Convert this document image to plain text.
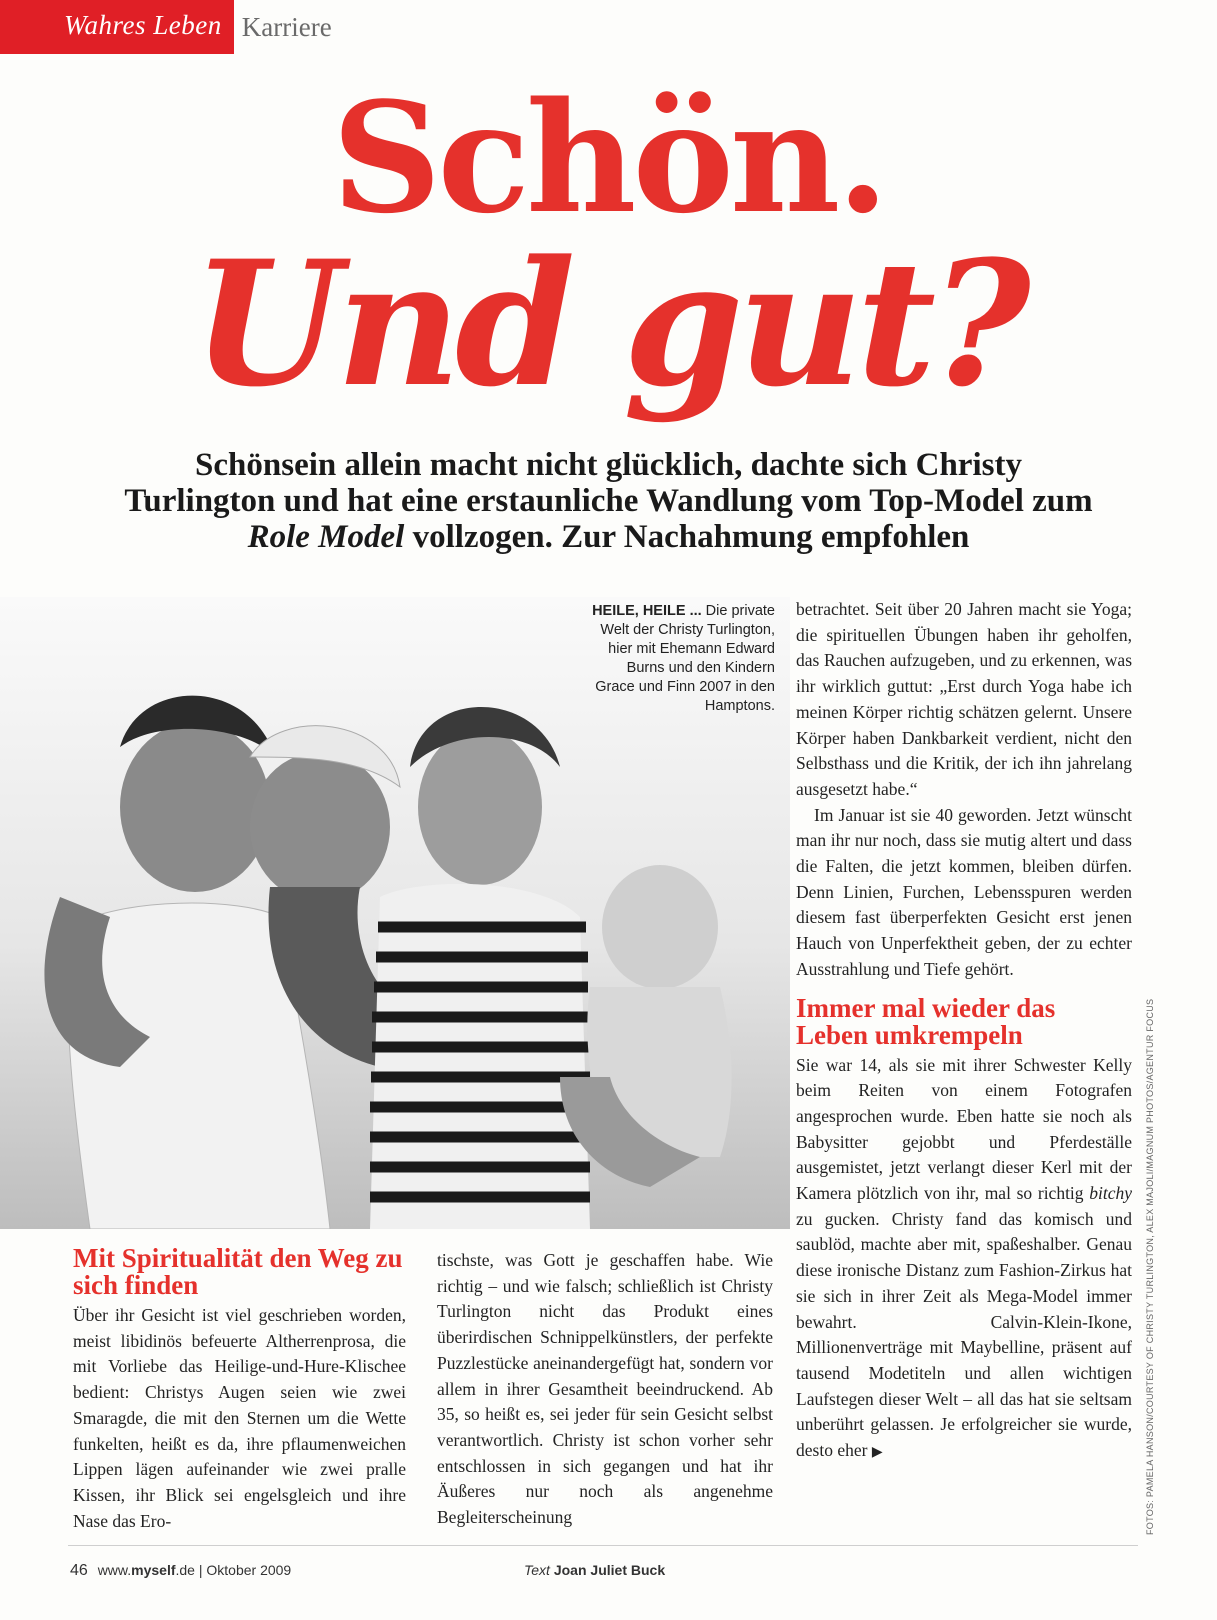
Wahres Leben Karriere
Schön.
Und gut?
Schönsein allein macht nicht glücklich, dachte sich Christy
Turlington und hat eine erstaunliche Wandlung vom Top-Model zum
Role Model vollzogen. Zur Nachahmung empfohlen
HEILE, HEILE ... Die private Welt der Christy Turlington, hier mit Ehemann Edward Burns und den Kindern Grace und Finn 2007 in den Hamptons.

betrachtet. Seit über 20 Jahren macht sie Yoga; die spirituellen Übungen haben ihr geholfen, das Rauchen aufzugeben, und zu erkennen, was ihr wirklich guttut: „Erst durch Yoga habe ich meinen Körper richtig schätzen gelernt. Unsere Körper haben Dankbarkeit verdient, nicht den Selbsthass und die Kritik, der ich ihn jahrelang ausgesetzt habe.“

Im Januar ist sie 40 geworden. Jetzt wünscht man ihr nur noch, dass sie mutig altert und dass die Falten, die jetzt kommen, bleiben dürfen. Denn Linien, Furchen, Lebensspuren werden diesem fast überperfekten Gesicht erst jenen Hauch von Unperfektheit geben, der zu echter Ausstrahlung und Tiefe gehört.

Immer mal wieder das Leben umkrempeln

Sie war 14, als sie mit ihrer Schwester Kelly beim Reiten von einem Fotografen angesprochen wurde. Eben hatte sie noch als Babysitter gejobbt und Pferdeställe ausgemistet, jetzt verlangt dieser Kerl mit der Kamera plötzlich von ihr, mal so richtig bitchy zu gucken. Christy fand das komisch und saublöd, machte aber mit, spaßeshalber. Genau diese ironische Distanz zum Fashion-Zirkus hat sie sich in ihrer Zeit als Mega-Model immer bewahrt. Calvin-Klein-Ikone, Millionenverträge mit Maybelline, präsent auf tausend Modetiteln und allen wichtigen Laufstegen dieser Welt – all das hat sie seltsam unberührt gelassen. Je erfolgreicher sie wurde, desto eher ▶

Mit Spiritualität den Weg zu sich finden

Über ihr Gesicht ist viel geschrieben worden, meist libidinös befeuerte Altherrenprosa, die mit Vorliebe das Heilige-und-Hure-Klischee bedient: Christys Augen seien wie zwei Smaragde, die mit den Sternen um die Wette funkelten, heißt es da, ihre pflaumenweichen Lippen lägen aufeinander wie zwei pralle Kissen, ihr Blick sei engelsgleich und ihre Nase das Ero-

tischste, was Gott je geschaffen habe. Wie richtig – und wie falsch; schließlich ist Christy Turlington nicht das Produkt eines überirdischen Schnippelkünstlers, der perfekte Puzzlestücke aneinandergefügt hat, sondern vor allem in ihrer Gesamtheit beeindruckend. Ab 35, so heißt es, sei jeder für sein Gesicht selbst verantwortlich. Christy ist schon vorher sehr entschlossen in sich gegangen und hat ihr Äußeres nur noch als angenehme Begleiterscheinung	FOTOS: PAMELA HANSON/COURTESY OF CHRISTY TURLINGTON, ALEX MAJOLI/MAGNUM PHOTOS/AGENTUR FOCUS
46 www.myself.de | Oktober 2009	Text Joan Juliet Buck
